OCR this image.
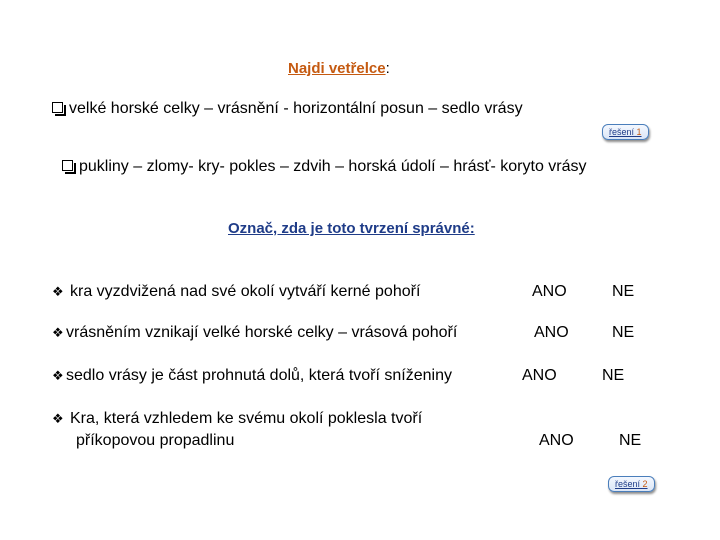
Najdi vetřelce:
velké horské celky – vrásnění - horizontální posun – sedlo vrásy
řešení 1
pukliny – zlomy- kry- pokles – zdvih – horská údolí – hrásť- koryto vrásy
Označ, zda je toto tvrzení správné:
❖ kra vyzdvižená nad své okolí vytváří kerné pohoří	ANO	NE
❖ vrásněním vznikají velké horské celky – vrásová pohoří	ANO	NE
❖ sedlo vrásy je část prohnutá dolů, která tvoří sníženiny	ANO	NE
❖ Kra, která vzhledem ke svému okolí poklesla tvoří
příkopovou propadlinu	ANO	NE
řešení 2
